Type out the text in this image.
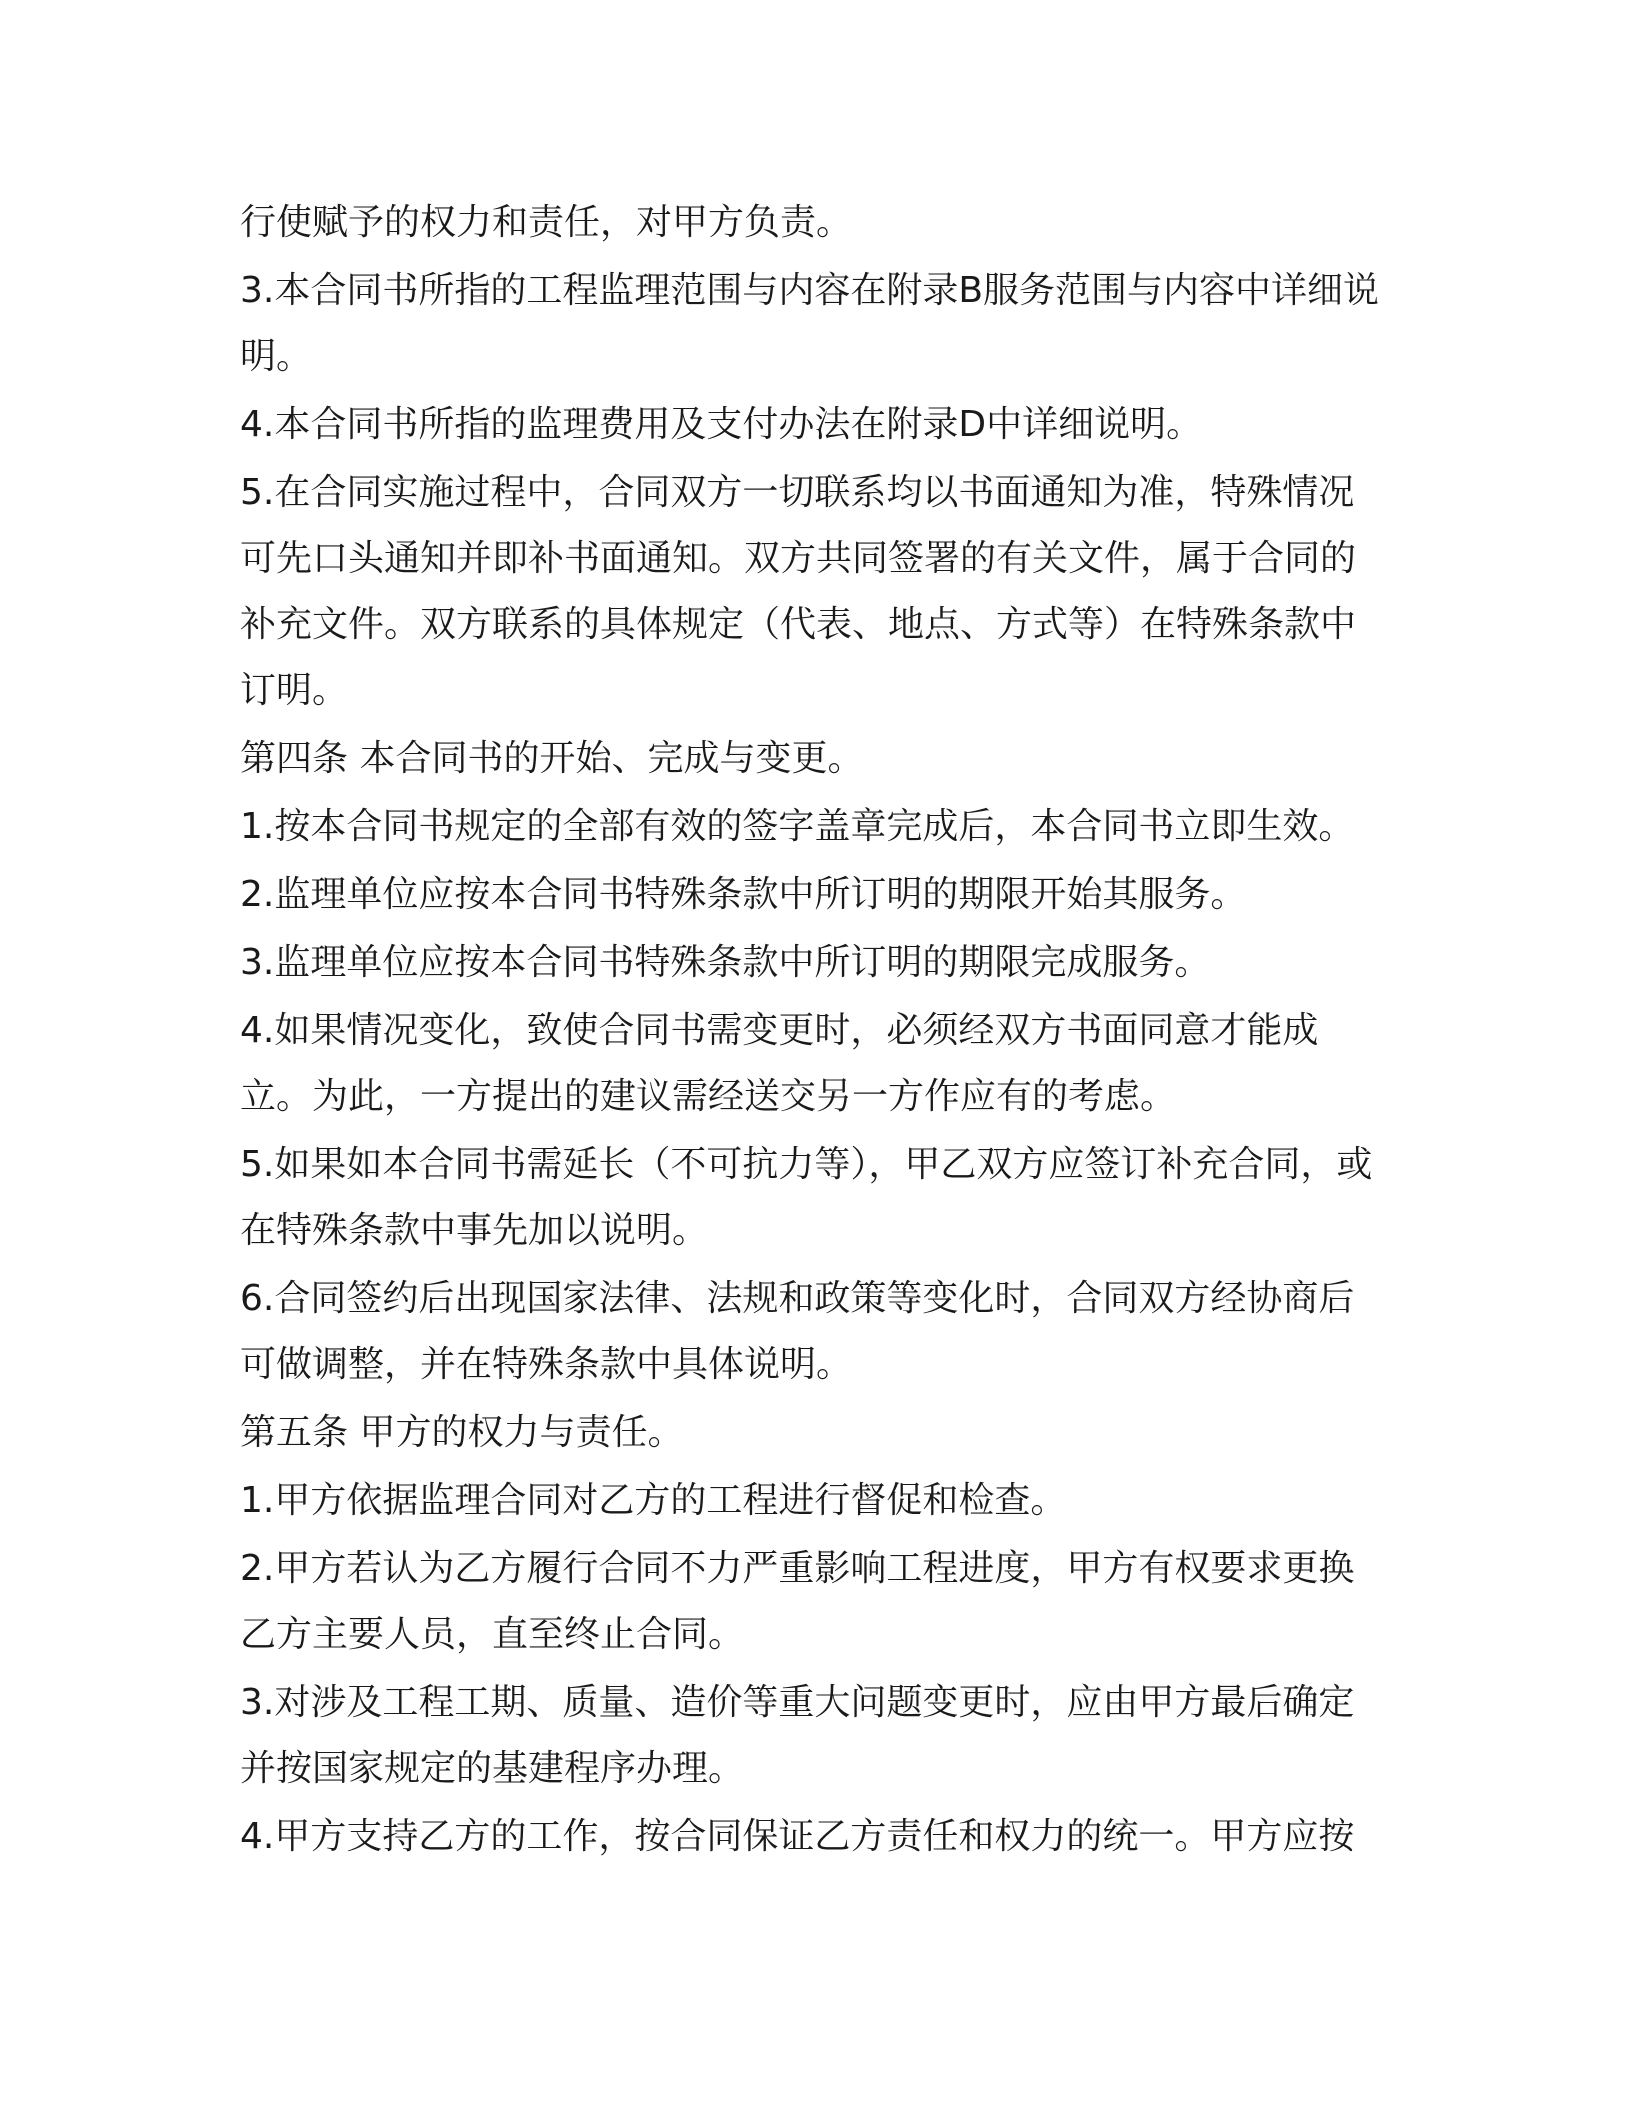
行使赋予的权力和责任，对甲方负责。

3.本合同书所指的工程监理范围与内容在附录B服务范围与内容中详细说明。

4.本合同书所指的监理费用及支付办法在附录D中详细说明。

5.在合同实施过程中，合同双方一切联系均以书面通知为准，特殊情况可先口头通知并即补书面通知。双方共同签署的有关文件，属于合同的补充文件。双方联系的具体规定（代表、地点、方式等）在特殊条款中订明。

第四条 本合同书的开始、完成与变更。

1.按本合同书规定的全部有效的签字盖章完成后，本合同书立即生效。

2.监理单位应按本合同书特殊条款中所订明的期限开始其服务。

3.监理单位应按本合同书特殊条款中所订明的期限完成服务。

4.如果情况变化，致使合同书需变更时，必须经双方书面同意才能成立。为此，一方提出的建议需经送交另一方作应有的考虑。

5.如果如本合同书需延长（不可抗力等），甲乙双方应签订补充合同，或在特殊条款中事先加以说明。

6.合同签约后出现国家法律、法规和政策等变化时，合同双方经协商后可做调整，并在特殊条款中具体说明。

第五条 甲方的权力与责任。

1.甲方依据监理合同对乙方的工程进行督促和检查。

2.甲方若认为乙方履行合同不力严重影响工程进度，甲方有权要求更换乙方主要人员，直至终止合同。

3.对涉及工程工期、质量、造价等重大问题变更时，应由甲方最后确定并按国家规定的基建程序办理。

4.甲方支持乙方的工作，按合同保证乙方责任和权力的统一。甲方应按
